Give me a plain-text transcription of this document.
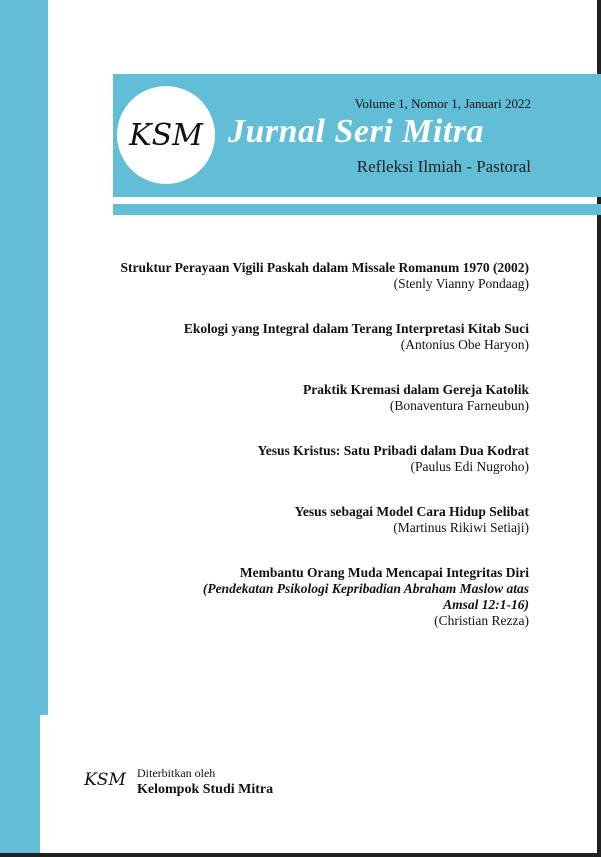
KSM
Volume 1, Nomor 1, Januari 2022
Jurnal Seri Mitra
Refleksi Ilmiah - Pastoral
Struktur Perayaan Vigili Paskah dalam Missale Romanum 1970 (2002)
(Stenly Vianny Pondaag)
Ekologi yang Integral dalam Terang Interpretasi Kitab Suci
(Antonius Obe Haryon)
Praktik Kremasi dalam Gereja Katolik
(Bonaventura Farneubun)
Yesus Kristus: Satu Pribadi dalam Dua Kodrat
(Paulus Edi Nugroho)
Yesus sebagai Model Cara Hidup Selibat
(Martinus Rikiwi Setiaji)
Membantu Orang Muda Mencapai Integritas Diri
(Pendekatan Psikologi Kepribadian Abraham Maslow atas
Amsal 12:1-16)
(Christian Rezza)
KSM Diterbitkan oleh
Kelompok Studi Mitra
